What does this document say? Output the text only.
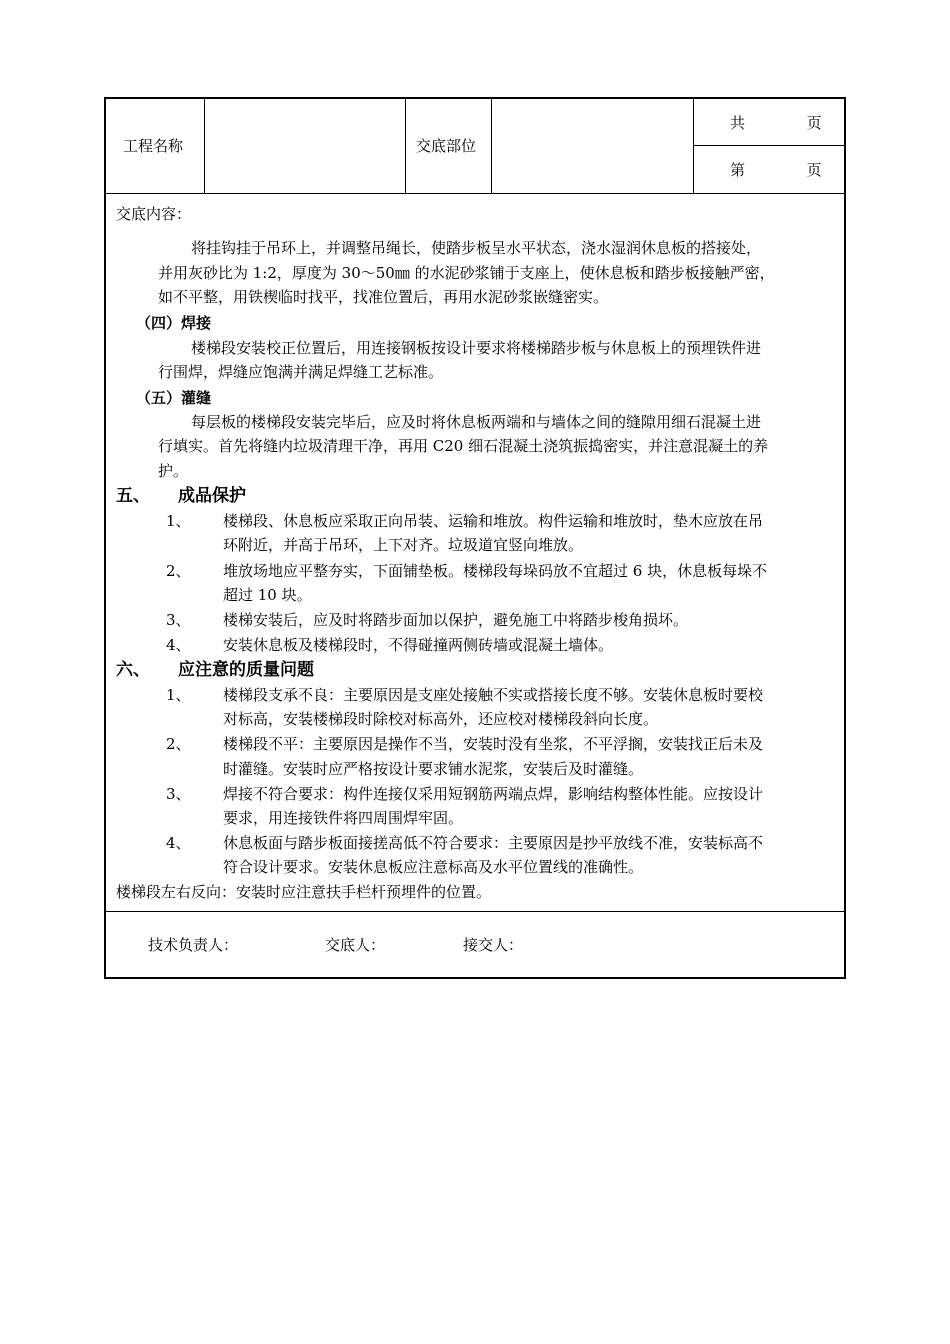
工程名称	交底部位
共	页
第	页
交底内容：
将挂钩挂于吊环上，并调整吊绳长，使踏步板呈水平状态，浇水湿润休息板的搭接处，
并用灰砂比为 1:2，厚度为 30～50㎜ 的水泥砂浆铺于支座上，使休息板和踏步板接触严密，
如不平整，用铁楔临时找平，找准位置后，再用水泥砂浆嵌缝密实。
（四） 焊接
楼梯段安装校正位置后，用连接钢板按设计要求将楼梯踏步板与休息板上的预埋铁件进
行围焊，焊缝应饱满并满足焊缝工艺标准。
（五） 灌缝
每层板的楼梯段安装完毕后，应及时将休息板两端和与墙体之间的缝隙用细石混凝土进
行填实。首先将缝内垃圾清理干净，再用 C20 细石混凝土浇筑振捣密实，并注意混凝土的养
护。
五、 成品保护
1、 楼梯段、休息板应采取正向吊装、运输和堆放。构件运输和堆放时，垫木应放在吊
环附近，并高于吊环，上下对齐。垃圾道宜竖向堆放。
2、 堆放场地应平整夯实，下面铺垫板。楼梯段每垛码放不宜超过 6 块，休息板每垛不
超过 10 块。
3、 楼梯安装后，应及时将踏步面加以保护，避免施工中将踏步梭角损坏。
4、 安装休息板及楼梯段时，不得碰撞两侧砖墙或混凝土墙体。
六、 应注意的质量问题
1、 楼梯段支承不良：主要原因是支座处接触不实或搭接长度不够。安装休息板时要校
对标高，安装楼梯段时除校对标高外，还应校对楼梯段斜向长度。
2、 楼梯段不平：主要原因是操作不当，安装时没有坐浆，不平浮搁，安装找正后未及
时灌缝。安装时应严格按设计要求铺水泥浆，安装后及时灌缝。
3、 焊接不符合要求：构件连接仅采用短钢筋两端点焊，影响结构整体性能。应按设计
要求，用连接铁件将四周围焊牢固。
4、 休息板面与踏步板面接搓高低不符合要求：主要原因是抄平放线不准，安装标高不
符合设计要求。安装休息板应注意标高及水平位置线的准确性。
楼梯段左右反向：安装时应注意扶手栏杆预埋件的位置。
技术负责人：	交底人：	接交人：
